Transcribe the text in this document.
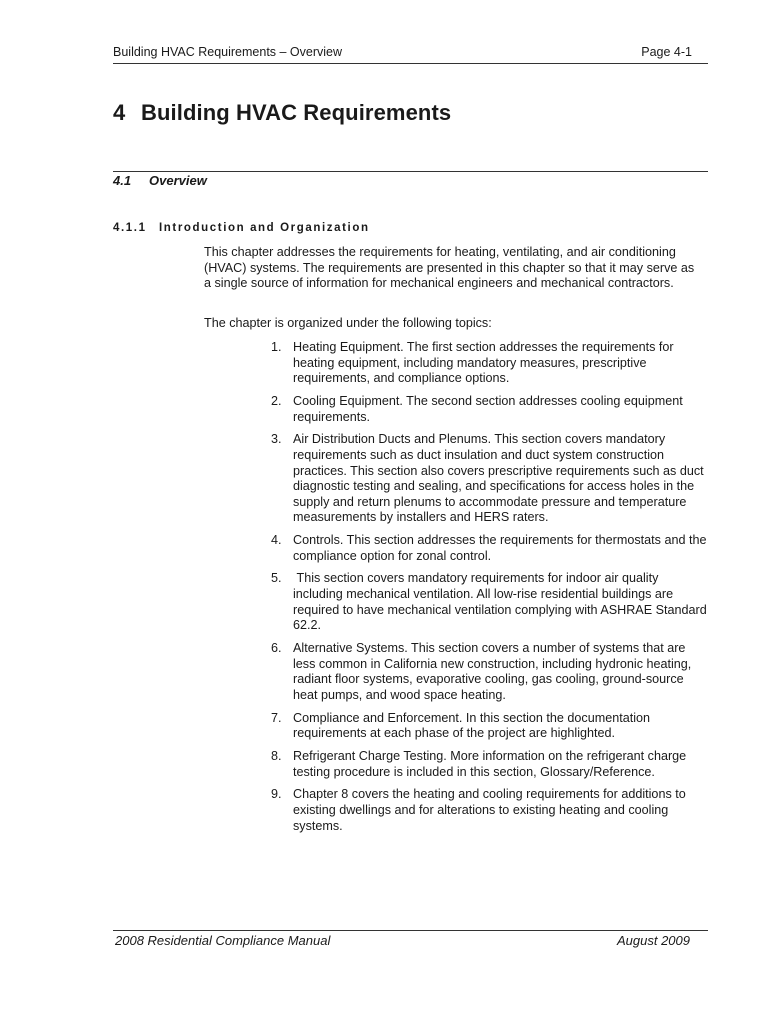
Building HVAC Requirements – Overview	Page 4-1
4 Building HVAC Requirements
4.1 Overview
4.1.1 Introduction and Organization

This chapter addresses the requirements for heating, ventilating, and air conditioning (HVAC) systems. The requirements are presented in this chapter so that it may serve as a single source of information for mechanical engineers and mechanical contractors.

The chapter is organized under the following topics:

1. Heating Equipment. The first section addresses the requirements for heating equipment, including mandatory measures, prescriptive requirements, and compliance options.
2. Cooling Equipment. The second section addresses cooling equipment requirements.
3. Air Distribution Ducts and Plenums. This section covers mandatory requirements such as duct insulation and duct system construction practices. This section also covers prescriptive requirements such as duct diagnostic testing and sealing, and specifications for access holes in the supply and return plenums to accommodate pressure and temperature measurements by installers and HERS raters.
4. Controls. This section addresses the requirements for thermostats and the compliance option for zonal control.
5. This section covers mandatory requirements for indoor air quality including mechanical ventilation. All low-rise residential buildings are required to have mechanical ventilation complying with ASHRAE Standard 62.2.
6. Alternative Systems. This section covers a number of systems that are less common in California new construction, including hydronic heating, radiant floor systems, evaporative cooling, gas cooling, ground-source heat pumps, and wood space heating.
7. Compliance and Enforcement. In this section the documentation requirements at each phase of the project are highlighted.
8. Refrigerant Charge Testing. More information on the refrigerant charge testing procedure is included in this section, Glossary/Reference.
9. Chapter 8 covers the heating and cooling requirements for additions to existing dwellings and for alterations to existing heating and cooling systems.
2008 Residential Compliance Manual	August 2009
